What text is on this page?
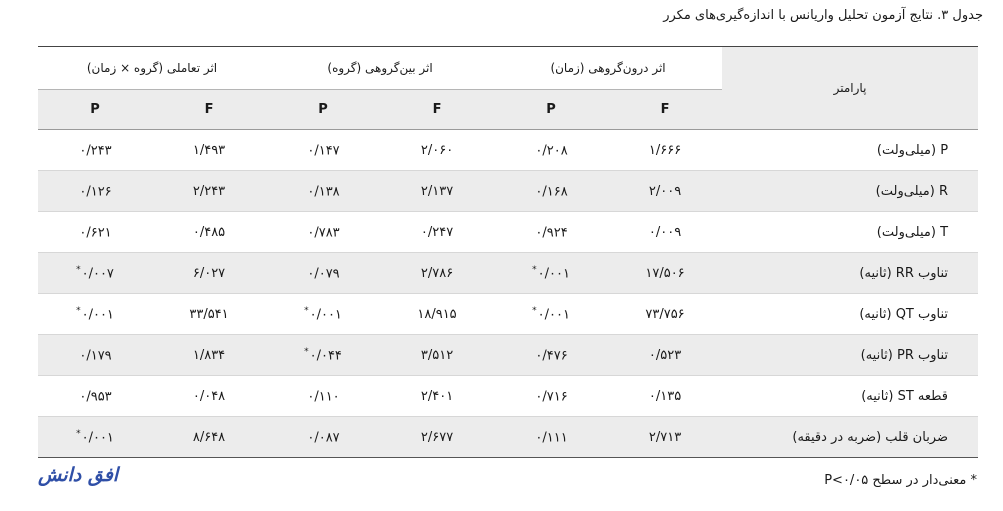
جدول ۳. نتایج آزمون تحلیل واریانس با اندازه‌گیری‌های مکرر
پارامتر	اثر درون‌گروهی (زمان)		اثر بین‌گروهی (گروه)		اثر تعاملی (گروه × زمان)	
	F	P	F	P	F	P
P (میلی‌ولت)	۱/۶۶۶	۰/۲۰۸	۲/۰۶۰	۰/۱۴۷	۱/۴۹۳	۰/۲۴۳
R (میلی‌ولت)	۲/۰۰۹	۰/۱۶۸	۲/۱۳۷	۰/۱۳۸	۲/۲۴۳	۰/۱۲۶
T (میلی‌ولت)	۰/۰۰۹	۰/۹۲۴	۰/۲۴۷	۰/۷۸۳	۰/۴۸۵	۰/۶۲۱
تناوب RR (ثانیه)	۱۷/۵۰۶	۰/۰۰۱*	۲/۷۸۶	۰/۰۷۹	۶/۰۲۷	۰/۰۰۷*
تناوب QT (ثانیه)	۷۳/۷۵۶	۰/۰۰۱*	۱۸/۹۱۵	۰/۰۰۱*	۳۳/۵۴۱	۰/۰۰۱*
تناوب PR (ثانیه)	۰/۵۲۳	۰/۴۷۶	۳/۵۱۲	۰/۰۴۴*	۱/۸۳۴	۰/۱۷۹
قطعه ST (ثانیه)	۰/۱۳۵	۰/۷۱۶	۲/۴۰۱	۰/۱۱۰	۰/۰۴۸	۰/۹۵۳
ضربان قلب (ضربه در دقیقه)	۲/۷۱۳	۰/۱۱۱	۲/۶۷۷	۰/۰۸۷	۸/۶۴۸	۰/۰۰۱*
* معنی‌دار در سطح P<۰/۰۵
افق دانش
